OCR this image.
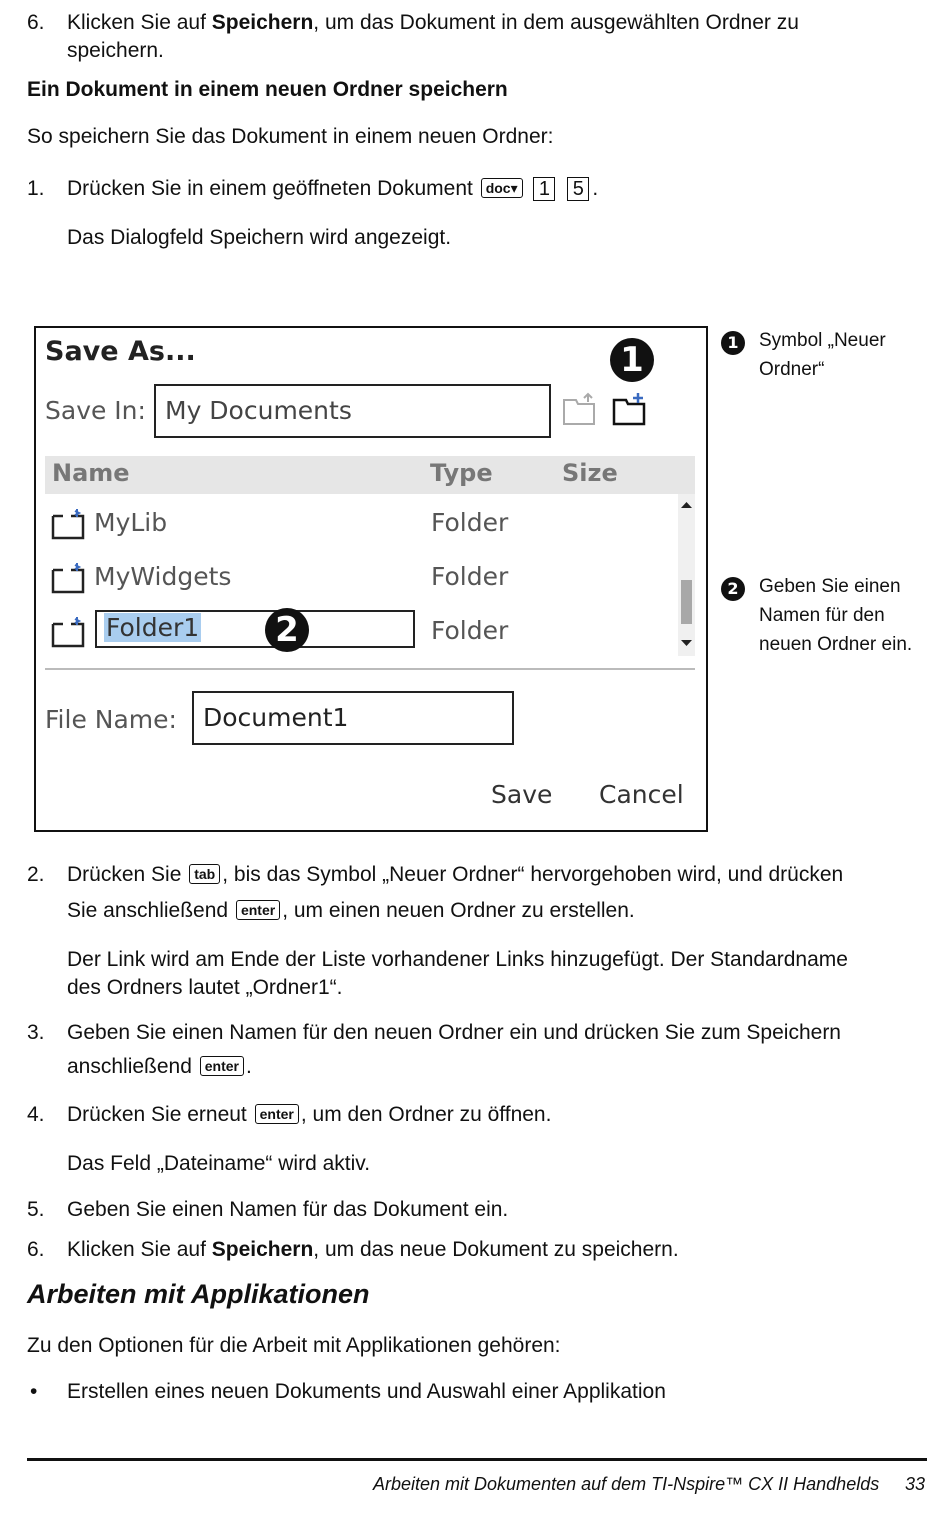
6. Klicken Sie auf Speichern, um das Dokument in dem ausgewählten Ordner zu
speichern.
Ein Dokument in einem neuen Ordner speichern
So speichern Sie das Dokument in einem neuen Ordner:
1. Drücken Sie in einem geöffneten Dokument doc▾ 1 5 .
Das Dialogfeld Speichern wird angezeigt.
Save As...	1
Save In: My Documents
Name	Type	Size
MyLib	Folder
MyWidgets	Folder
Folder1 2	Folder
File Name: Document1
Save Cancel
1	Symbol „Neuer
Ordner“
2	Geben Sie einen
Namen für den
neuen Ordner ein.
2. Drücken Sie tab , bis das Symbol „Neuer Ordner“ hervorgehoben wird, und drücken
Sie anschließend enter , um einen neuen Ordner zu erstellen.
Der Link wird am Ende der Liste vorhandener Links hinzugefügt. Der Standardname
des Ordners lautet „Ordner1“.
3. Geben Sie einen Namen für den neuen Ordner ein und drücken Sie zum Speichern
anschließend enter .
4. Drücken Sie erneut enter , um den Ordner zu öffnen.
Das Feld „Dateiname“ wird aktiv.
5. Geben Sie einen Namen für das Dokument ein.
6. Klicken Sie auf Speichern, um das neue Dokument zu speichern.
Arbeiten mit Applikationen
Zu den Optionen für die Arbeit mit Applikationen gehören:
• Erstellen eines neuen Dokuments und Auswahl einer Applikation
Arbeiten mit Dokumenten auf dem TI-Nspire™ CX II Handhelds 33
